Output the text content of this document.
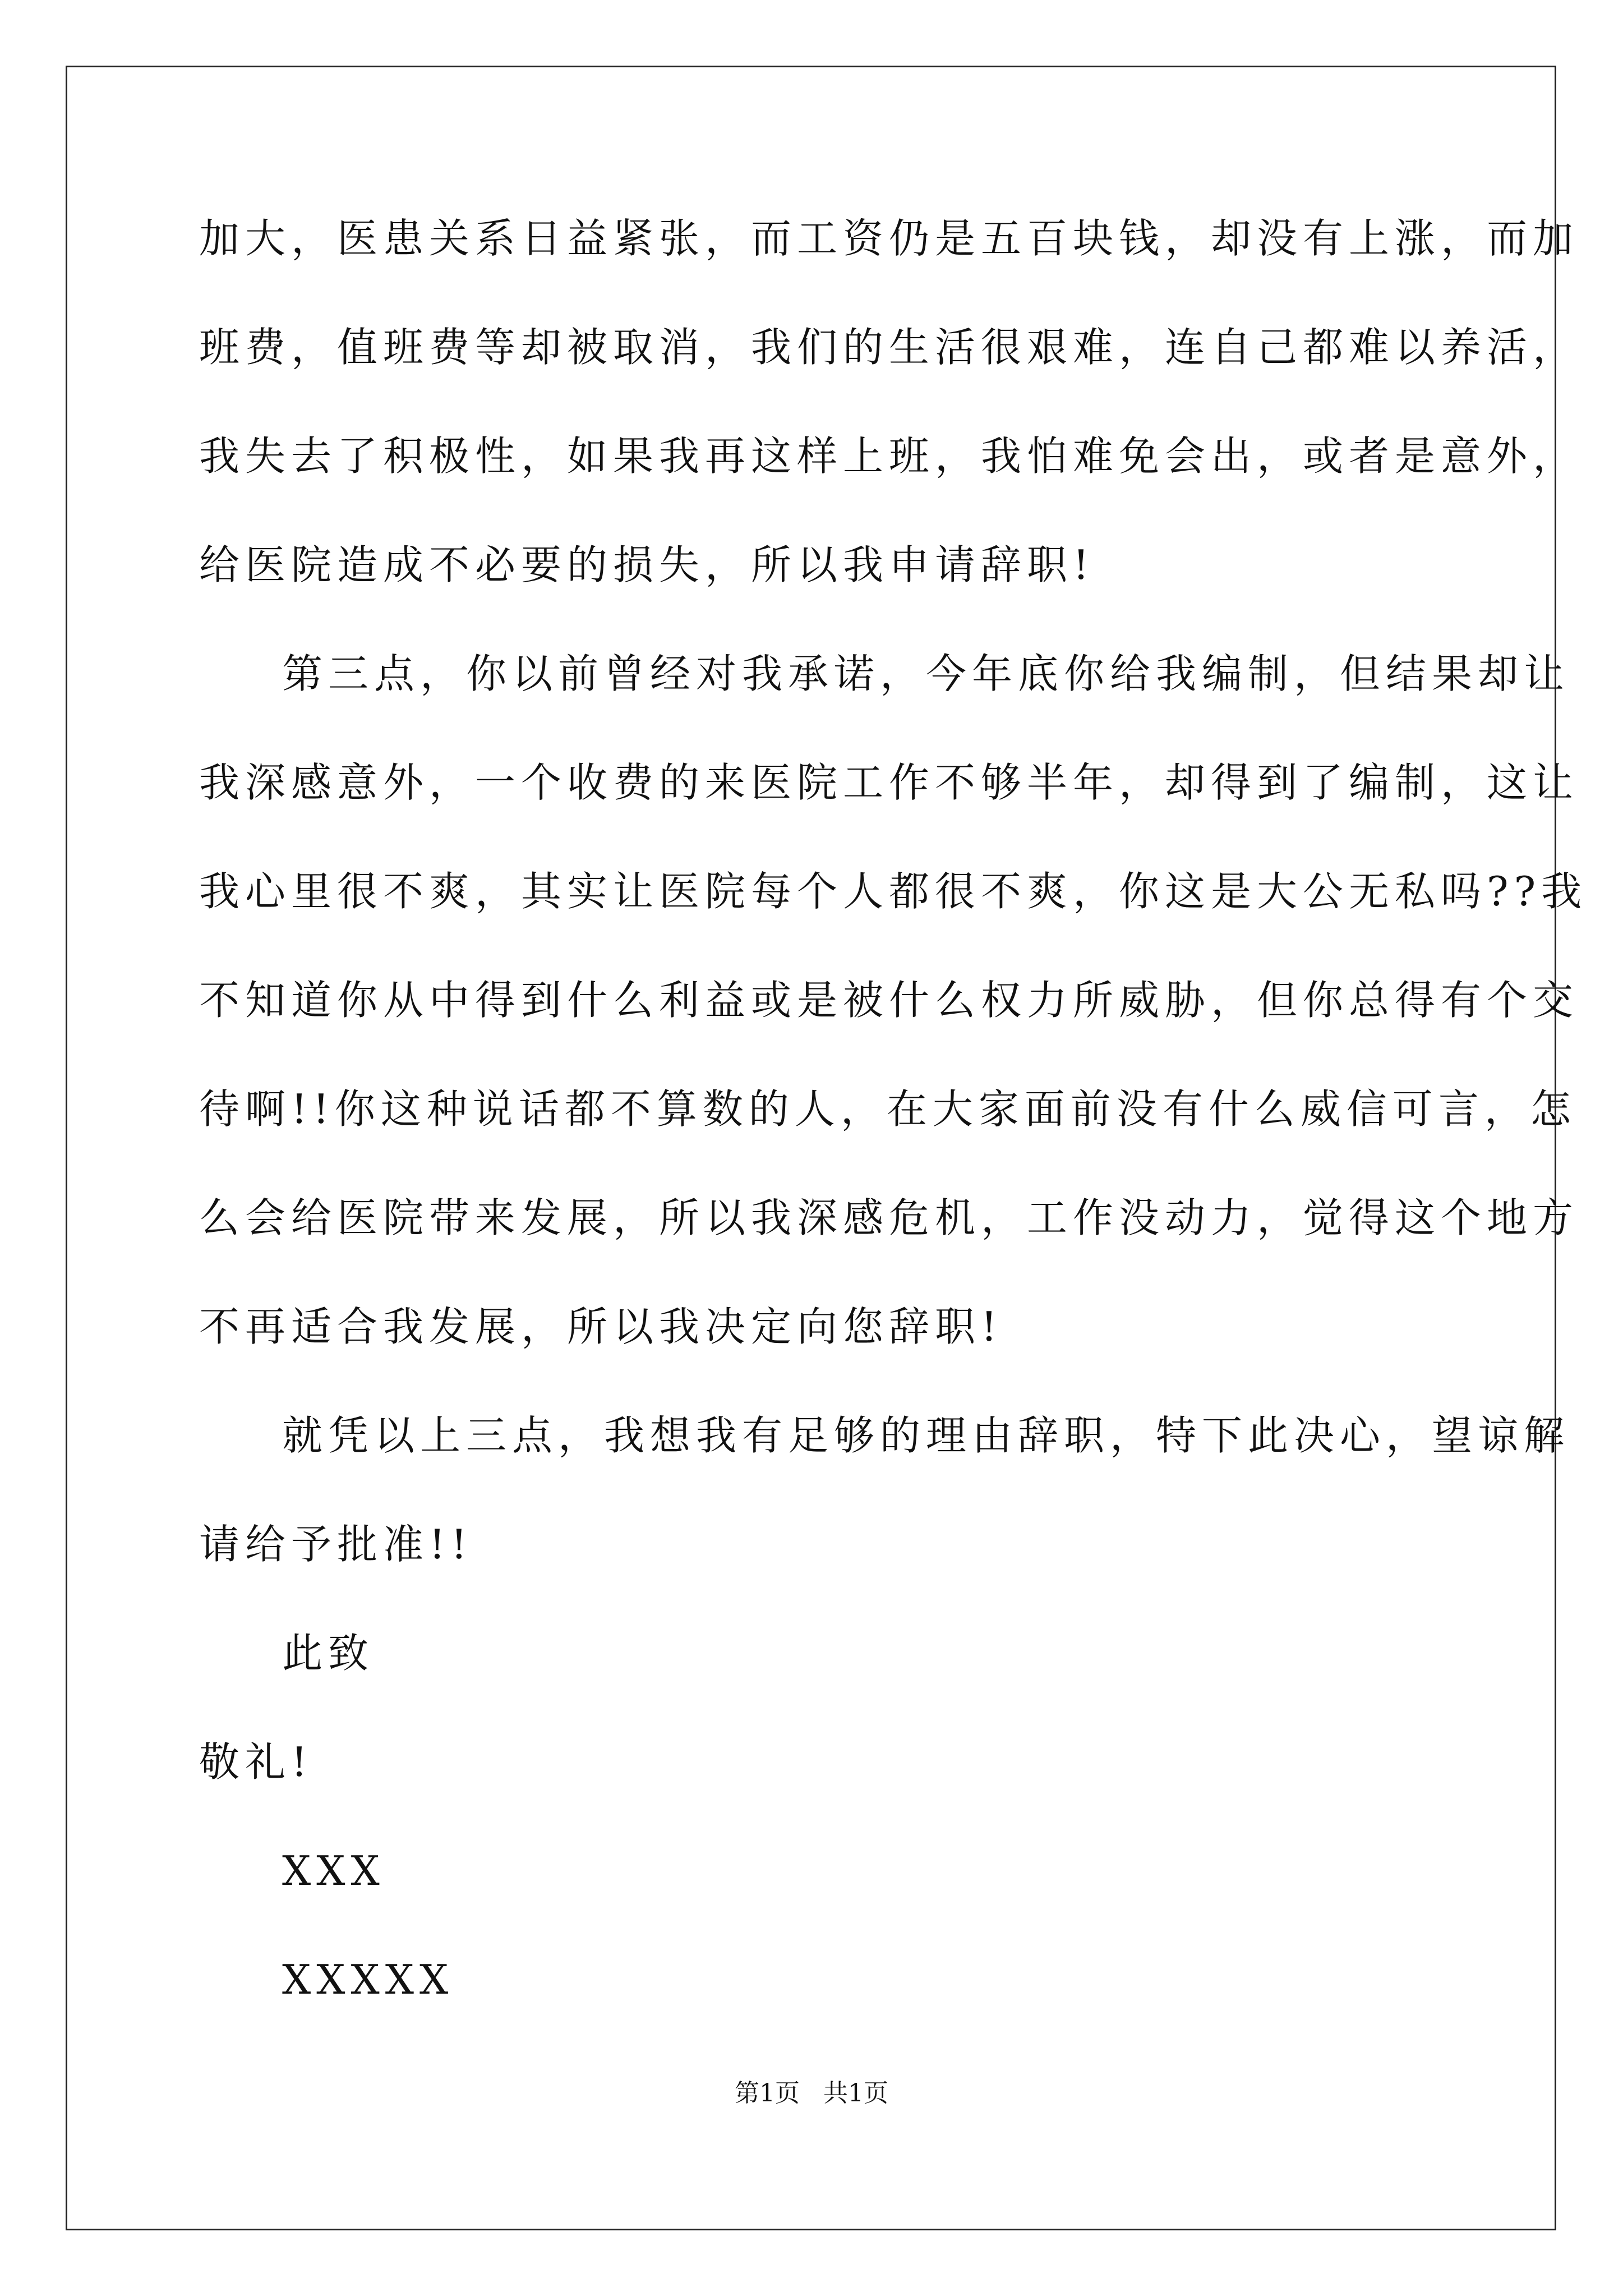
加大，医患关系日益紧张，而工资仍是五百块钱，却没有上涨，而加
班费，值班费等却被取消，我们的生活很艰难，连自己都难以养活，
我失去了积极性，如果我再这样上班，我怕难免会出，或者是意外，
给医院造成不必要的损失，所以我申请辞职!
第三点，你以前曾经对我承诺，今年底你给我编制，但结果却让
我深感意外，一个收费的来医院工作不够半年，却得到了编制，这让
我心里很不爽，其实让医院每个人都很不爽，你这是大公无私吗??我
不知道你从中得到什么利益或是被什么权力所威胁，但你总得有个交
待啊!!你这种说话都不算数的人，在大家面前没有什么威信可言，怎
么会给医院带来发展，所以我深感危机，工作没动力，觉得这个地方
不再适合我发展，所以我决定向您辞职!
就凭以上三点，我想我有足够的理由辞职，特下此决心，望谅解
请给予批准!!
此致
敬礼!
XXX
XXXXX
第1页   共1页
